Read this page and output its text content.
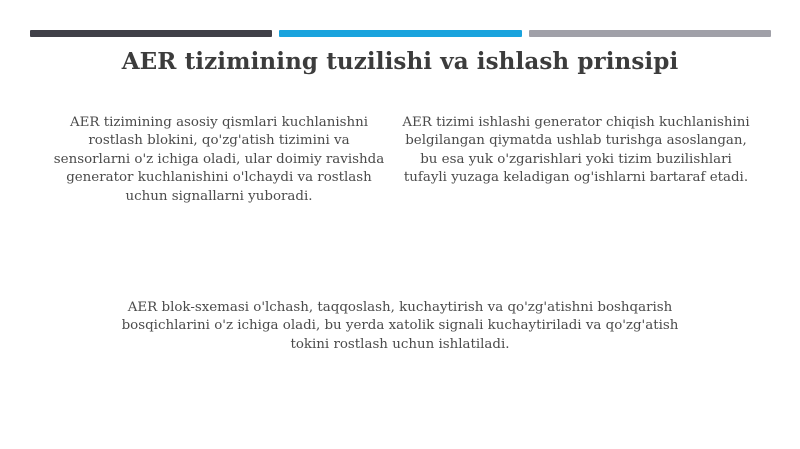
AER tizimining tuzilishi va ishlash prinsipi

AER tizimining asosiy qismlari kuchlanishni rostlash blokini, qo'zg'atish tizimini va sensorlarni o'z ichiga oladi, ular doimiy ravishda generator kuchlanishini o'lchaydi va rostlash uchun signallarni yuboradi.

AER tizimi ishlashi generator chiqish kuchlanishini belgilangan qiymatda ushlab turishga asoslangan, bu esa yuk o'zgarishlari yoki tizim buzilishlari tufayli yuzaga keladigan og'ishlarni bartaraf etadi.

AER blok-sxemasi o'lchash, taqqoslash, kuchaytirish va qo'zg'atishni boshqarish bosqichlarini o'z ichiga oladi, bu yerda xatolik signali kuchaytiriladi va qo'zg'atish tokini rostlash uchun ishlatiladi.
